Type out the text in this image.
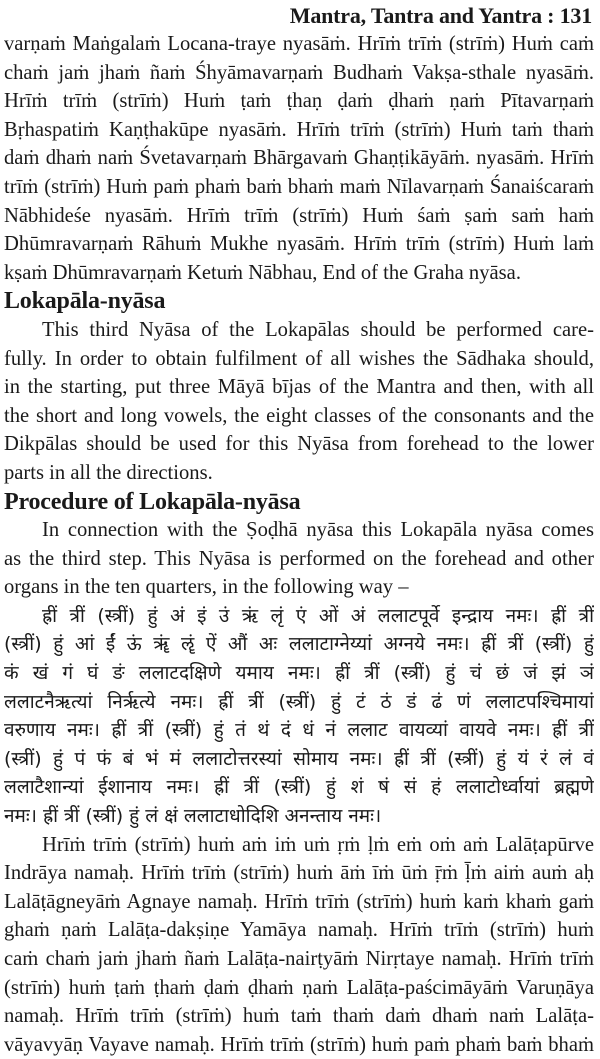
Mantra, Tantra and Yantra : 131
varṇaṁ Maṅgalaṁ Locana-traye nyasāṁ. Hrīṁ trīṁ (strīṁ) Huṁ caṁ
chaṁ jaṁ jhaṁ ñaṁ Śhyāmavarṇaṁ Budhaṁ Vakṣa-sthale nyasāṁ.
Hrīṁ trīṁ (strīṁ) Huṁ ṭaṁ ṭhaṇ ḍaṁ ḍhaṁ ṇaṁ Pītavarṇaṁ
Bṛhaspatiṁ Kaṇṭhakūpe nyasāṁ. Hrīṁ trīṁ (strīṁ) Huṁ taṁ thaṁ
daṁ dhaṁ naṁ Śvetavarṇaṁ Bhārgavaṁ Ghaṇṭikāyāṁ. nyasāṁ. Hrīṁ
trīṁ (strīṁ) Huṁ paṁ phaṁ baṁ bhaṁ maṁ Nīlavarṇaṁ Śanaiścaraṁ
Nābhideśe nyasāṁ. Hrīṁ trīṁ (strīṁ) Huṁ śaṁ ṣaṁ saṁ haṁ
Dhūmravarṇaṁ Rāhuṁ Mukhe nyasāṁ. Hrīṁ trīṁ (strīṁ) Huṁ laṁ
kṣaṁ Dhūmravarṇaṁ Ketuṁ Nābhau, End of the Graha nyāsa.
Lokapāla-nyāsa
This third Nyāsa of the Lokapālas should be performed care-
fully. In order to obtain fulfilment of all wishes the Sādhaka should,
in the starting, put three Māyā bījas of the Mantra and then, with all
the short and long vowels, the eight classes of the consonants and the
Dikpālas should be used for this Nyāsa from forehead to the lower
parts in all the directions.
Procedure of Lokapāla-nyāsa
In connection with the Ṣoḍhā nyāsa this Lokapāla nyāsa comes
as the third step. This Nyāsa is performed on the forehead and other
organs in the ten quarters, in the following way –
ह्रीं त्रीं (स्त्रीं) हुं अं इं उं ऋं लृं एं ओं अं ललाटपूर्वे इन्द्राय नमः। ह्रीं त्रीं
(स्त्रीं) हुं आं ईं ऊं ॠं ॡं ऐं औं अः ललाटाग्नेय्यां अग्नये नमः। ह्रीं त्रीं (स्त्रीं) हुं
कं खं गं घं ङं ललाटदक्षिणे यमाय नमः। ह्रीं त्रीं (स्त्रीं) हुं चं छं जं झं ञं
ललाटनैऋत्यां निर्ऋत्ये नमः। ह्रीं त्रीं (स्त्रीं) हुं टं ठं डं ढं णं ललाटपश्चिमायां
वरुणाय नमः। ह्रीं त्रीं (स्त्रीं) हुं तं थं दं धं नं ललाट वायव्यां वायवे नमः। ह्रीं त्रीं
(स्त्रीं) हुं पं फं बं भं मं ललाटोत्तरस्यां सोमाय नमः। ह्रीं त्रीं (स्त्रीं) हुं यं रं लं वं
ललाटैशान्यां ईशानाय नमः। ह्रीं त्रीं (स्त्रीं) हुं शं षं सं हं ललाटोर्ध्वायां ब्रह्मणे
नमः। ह्रीं त्रीं (स्त्रीं) हुं लं क्षं ललाटाधोदिशि अनन्ताय नमः।
Hrīṁ trīṁ (strīṁ) huṁ aṁ iṁ uṁ ṛṁ ḷṁ eṁ oṁ aṁ Lalāṭapūrve
Indrāya namaḥ. Hrīṁ trīṁ (strīṁ) huṁ āṁ īṁ ūṁ ṝṁ ḹṁ aiṁ auṁ aḥ
Lalāṭāgneyāṁ Agnaye namaḥ. Hrīṁ trīṁ (strīṁ) huṁ kaṁ khaṁ gaṁ
ghaṁ ṇaṁ Lalāṭa-dakṣiṇe Yamāya namaḥ. Hrīṁ trīṁ (strīṁ) huṁ
caṁ chaṁ jaṁ jhaṁ ñaṁ Lalāṭa-nairṭyāṁ Nirṛtaye namaḥ. Hrīṁ trīṁ
(strīṁ) huṁ ṭaṁ ṭhaṁ ḍaṁ ḍhaṁ ṇaṁ Lalāṭa-paścimāyāṁ Varuṇāya
namaḥ. Hrīṁ trīṁ (strīṁ) huṁ taṁ thaṁ daṁ dhaṁ naṁ Lalāṭa-
vāyavyāṇ Vayave namaḥ. Hrīṁ trīṁ (strīṁ) huṁ paṁ phaṁ baṁ bhaṁ
